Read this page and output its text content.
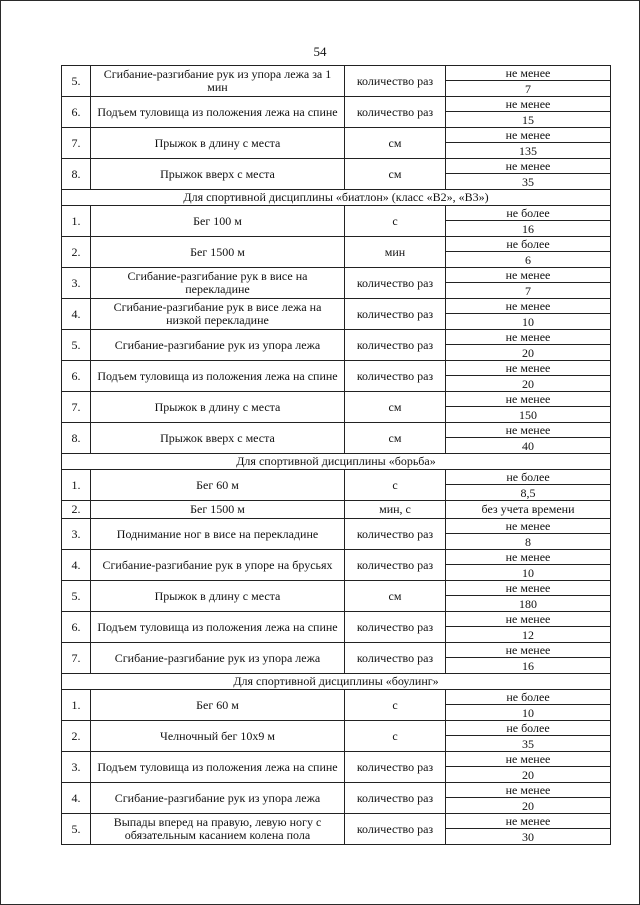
54
5.	Сгибание-разгибание рук из упора лежа за 1 мин	количество раз	не менее
			7
6.	Подъем туловища из положения лежа на спине	количество раз	не менее
			15
7.	Прыжок в длину с места	см	не менее
			135
8.	Прыжок вверх с места	см	не менее
			35
Для спортивной дисциплины «биатлон» (класс «В2», «В3»)			
1.	Бег 100 м	с	не более
			16
2.	Бег 1500 м	мин	не более
			6
3.	Сгибание-разгибание рук в висе на перекладине	количество раз	не менее
			7
4.	Сгибание-разгибание рук в висе лежа на низкой перекладине	количество раз	не менее
			10
5.	Сгибание-разгибание рук из упора лежа	количество раз	не менее
			20
6.	Подъем туловища из положения лежа на спине	количество раз	не менее
			20
7.	Прыжок в длину с места	см	не менее
			150
8.	Прыжок вверх с места	см	не менее
			40
Для спортивной дисциплины «борьба»			
1.	Бег 60 м	с	не более
			8,5
2.	Бег 1500 м	мин, с	без учета времени
3.	Поднимание ног в висе на перекладине	количество раз	не менее
			8
4.	Сгибание-разгибание рук в упоре на брусьях	количество раз	не менее
			10
5.	Прыжок в длину с места	см	не менее
			180
6.	Подъем туловища из положения лежа на спине	количество раз	не менее
			12
7.	Сгибание-разгибание рук из упора лежа	количество раз	не менее
			16
Для спортивной дисциплины «боулинг»			
1.	Бег 60 м	с	не более
			10
2.	Челночный бег 10x9 м	с	не более
			35
3.	Подъем туловища из положения лежа на спине	количество раз	не менее
			20
4.	Сгибание-разгибание рук из упора лежа	количество раз	не менее
			20
5.	Выпады вперед на правую, левую ногу с обязательным касанием колена пола	количество раз	не менее
			30
